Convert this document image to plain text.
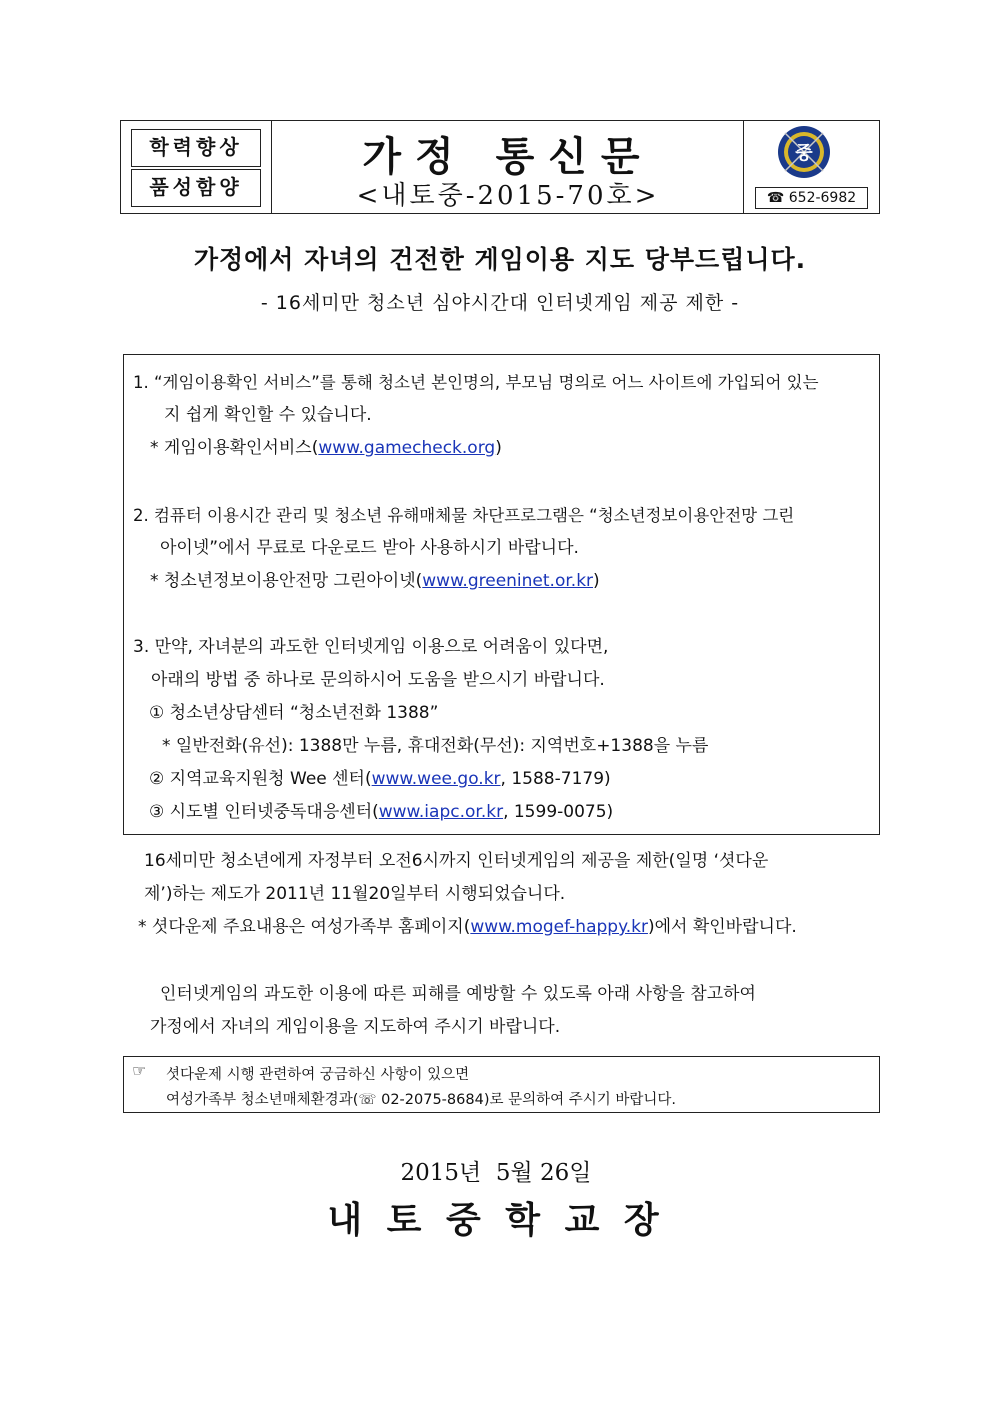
학력향상
품성함양
가정 통신문
<내토중-2015-70호>
중
☎ 652-6982
가정에서 자녀의 건전한 게임이용 지도 당부드립니다.
- 16세미만 청소년 심야시간대 인터넷게임 제공 제한 -
1. “게임이용확인 서비스”를 통해 청소년 본인명의, 부모님 명의로 어느 사이트에 가입되어 있는
지 쉽게 확인할 수 있습니다.
* 게임이용확인서비스(www.gamecheck.org)
2. 컴퓨터 이용시간 관리 및 청소년 유해매체물 차단프로그램은 “청소년정보이용안전망 그린
아이넷”에서 무료로 다운로드 받아 사용하시기 바랍니다.
* 청소년정보이용안전망 그린아이넷(www.greeninet.or.kr)
3. 만약, 자녀분의 과도한 인터넷게임 이용으로 어려움이 있다면,
아래의 방법 중 하나로 문의하시어 도움을 받으시기 바랍니다.
① 청소년상담센터 “청소년전화 1388”
* 일반전화(유선): 1388만 누름, 휴대전화(무선): 지역번호+1388을 누름
② 지역교육지원청 Wee 센터(www.wee.go.kr, 1588-7179)
③ 시도별 인터넷중독대응센터(www.iapc.or.kr, 1599-0075)
16세미만 청소년에게 자정부터 오전6시까지 인터넷게임의 제공을 제한(일명 ‘셧다운
제’)하는 제도가 2011년 11월20일부터 시행되었습니다.
* 셧다운제 주요내용은 여성가족부 홈페이지(www.mogef-happy.kr)에서 확인바랍니다.
인터넷게임의 과도한 이용에 따른 피해를 예방할 수 있도록 아래 사항을 참고하여
가정에서 자녀의 게임이용을 지도하여 주시기 바랍니다.
☞ 셧다운제 시행 관련하여 궁금하신 사항이 있으면
여성가족부 청소년매체환경과(☏ 02-2075-8684)로 문의하여 주시기 바랍니다.
2015년  5월 26일
내 토 중 학 교 장
